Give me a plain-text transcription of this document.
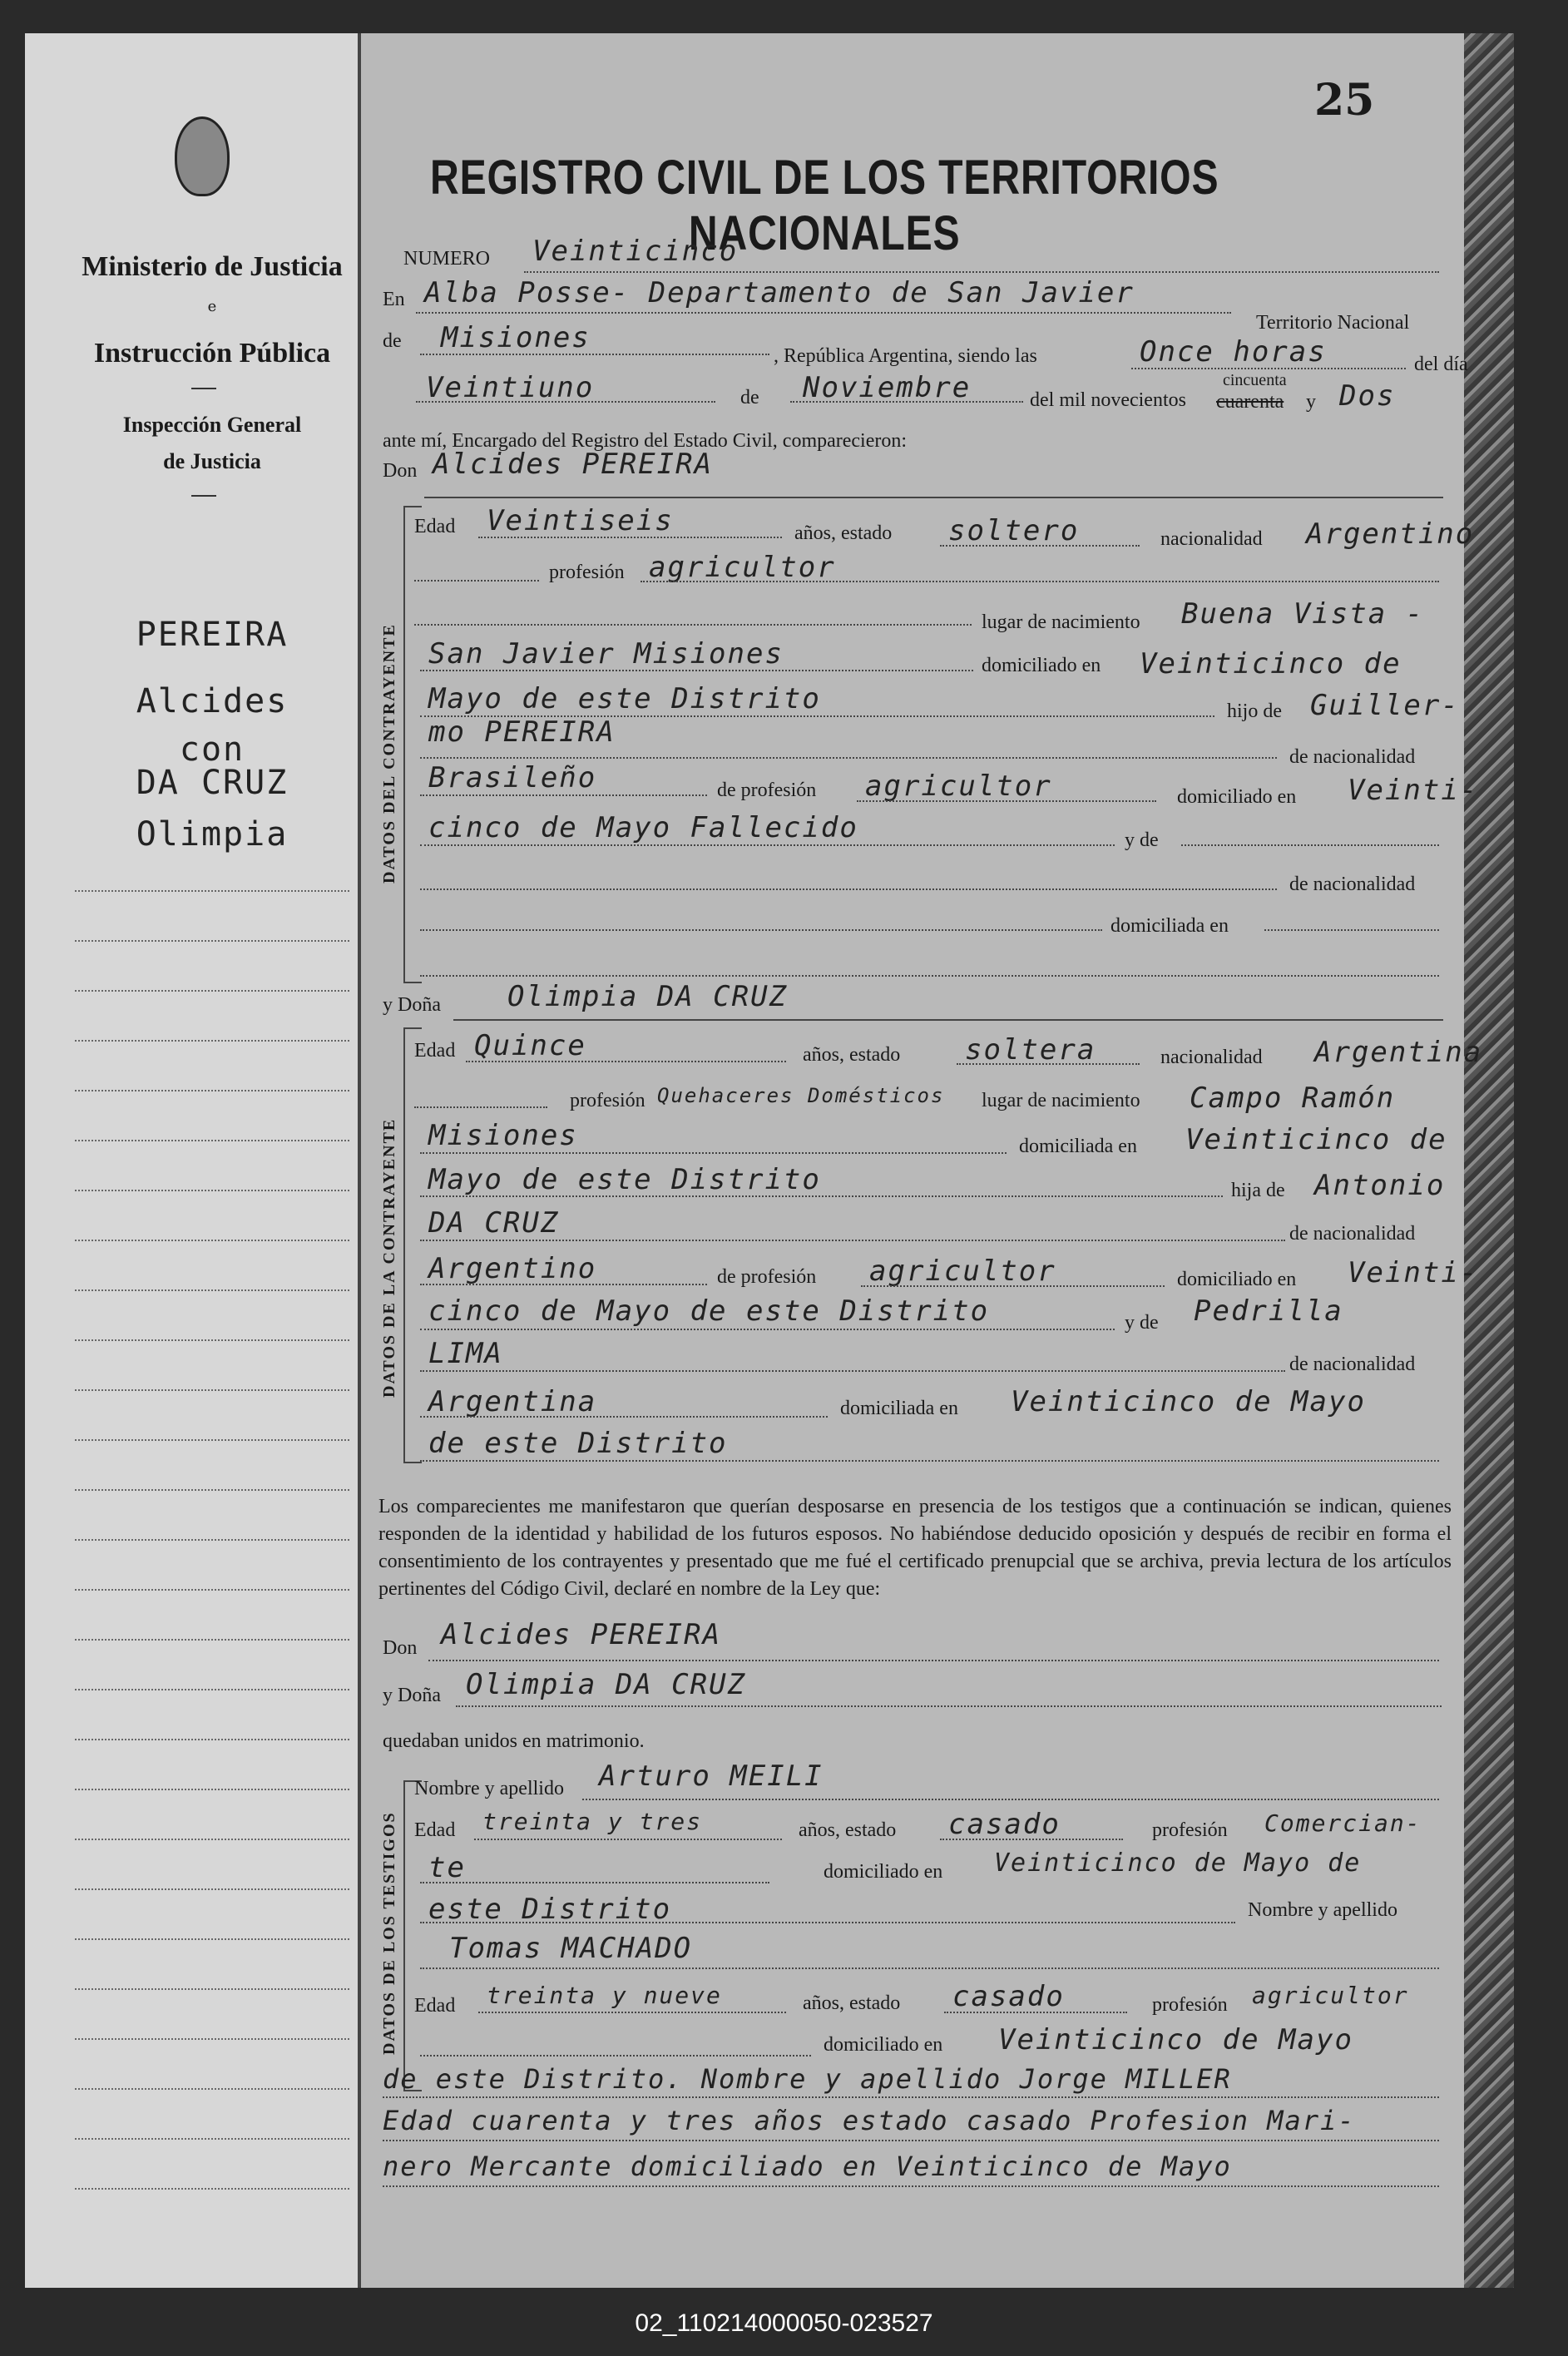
Ministerio de Justicia
e
Instrucción Pública
Inspección General
de Justicia
PEREIRA
Alcides
con
DA CRUZ
Olimpia
25
REGISTRO CIVIL DE LOS TERRITORIOS NACIONALES
NUMERO Veinticinco
En Alba Posse- Departamento de San Javier
Territorio Nacional
de Misiones
, República Argentina, siendo las	Once horas	del día
Veintiuno	de Noviembre	del mil novecientos cuarenta
cincuenta
y Dos
ante mí, Encargado del Registro del Estado Civil, comparecieron:
Don Alcides PEREIRA
DATOS DEL CONTRAYENTE
Edad Veintiseis	años, estado soltero	nacionalidad Argentino
profesión agricultor
lugar de nacimiento Buena Vista -
San Javier Misiones	domiciliado en Veinticinco de
Mayo de este Distrito	hijo de Guiller-
mo PEREIRA
de nacionalidad
Brasileño	de profesión agricultor	domiciliado en Veinti-
cinco de Mayo Fallecido	y de
de nacionalidad
domiciliada en
y Doña Olimpia DA CRUZ
DATOS DE LA CONTRAYENTE
Edad Quince	años, estado soltera	nacionalidad Argentina
profesión Quehaceres Domésticos lugar de nacimiento Campo Ramón
Misiones	domiciliada en Veinticinco de
Mayo de este Distrito	hija de Antonio
DA CRUZ	de nacionalidad
Argentino	de profesión agricultor	domiciliado en Veinti-
cinco de Mayo de este Distrito	y de Pedrilla
LIMA	de nacionalidad
Argentina	domiciliada en Veinticinco de Mayo
de este Distrito
Los comparecientes me manifestaron que querían desposarse en presencia de los testigos que a continuación se indican, quienes responden de la identidad y habilidad de los futuros esposos. No habiéndose deducido oposición y después de recibir en forma el consentimiento de los contrayentes y presentado que me fué el certificado prenupcial que se archiva, previa lectura de los artículos pertinentes del Código Civil, declaré en nombre de la Ley que:
Don Alcides PEREIRA
y Doña Olimpia DA CRUZ
quedaban unidos en matrimonio.
DATOS DE LOS TESTIGOS
Nombre y apellido Arturo MEILI
Edad treinta y tres	años, estado casado	profesión Comercian-
te	domiciliado en Veinticinco de Mayo de
este Distrito	Nombre y apellido
Tomas MACHADO
Edad treinta y nueve	años, estado casado	profesión agricultor
domiciliado en Veinticinco de Mayo
de este Distrito. Nombre y apellido Jorge MILLER
Edad cuarenta y tres años estado casado Profesion Mari-
nero Mercante domiciliado en Veinticinco de Mayo
02_110214000050-023527
